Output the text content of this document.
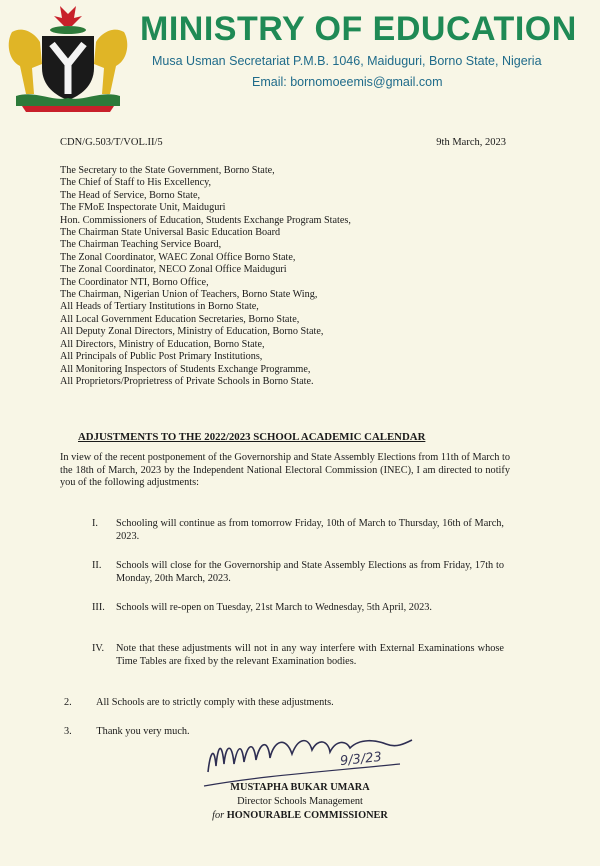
MINISTRY OF EDUCATION
Musa Usman Secretariat P.M.B. 1046, Maiduguri, Borno State, Nigeria
Email: bornomoeemis@gmail.com
CDN/G.503/T/VOL.II/5	9th March, 2023
The Secretary to the State Government, Borno State,
The Chief of Staff to His Excellency,
The Head of Service, Borno State,
The FMoE Inspectorate Unit, Maiduguri
Hon. Commissioners of Education, Students Exchange Program States,
The Chairman State Universal Basic Education Board
The Chairman Teaching Service Board,
The Zonal Coordinator, WAEC Zonal Office Borno State,
The Zonal Coordinator, NECO Zonal Office Maiduguri
The Coordinator NTI, Borno Office,
The Chairman, Nigerian Union of Teachers, Borno State Wing,
All Heads of Tertiary Institutions in Borno State,
All Local Government Education Secretaries, Borno State,
All Deputy Zonal Directors, Ministry of Education, Borno State,
All Directors, Ministry of Education, Borno State,
All Principals of Public Post Primary Institutions,
All Monitoring Inspectors of Students Exchange Programme,
All Proprietors/Proprietress of Private Schools in Borno State.
ADJUSTMENTS TO THE 2022/2023 SCHOOL ACADEMIC CALENDAR
In view of the recent postponement of the Governorship and State Assembly Elections from 11th of March to the 18th of March, 2023 by the Independent National Electoral Commission (INEC), I am directed to notify you of the following adjustments:
I.	Schooling will continue as from tomorrow Friday, 10th of March to Thursday, 16th of March, 2023.
II.	Schools will close for the Governorship and State Assembly Elections as from Friday, 17th to Monday, 20th March, 2023.
III.	Schools will re-open on Tuesday, 21st March to Wednesday, 5th April, 2023.
IV.	Note that these adjustments will not in any way interfere with External Examinations whose Time Tables are fixed by the relevant Examination bodies.
2. All Schools are to strictly comply with these adjustments.
3. Thank you very much.
9/3/23
MUSTAPHA BUKAR UMARA
Director Schools Management
for HONOURABLE COMMISSIONER
